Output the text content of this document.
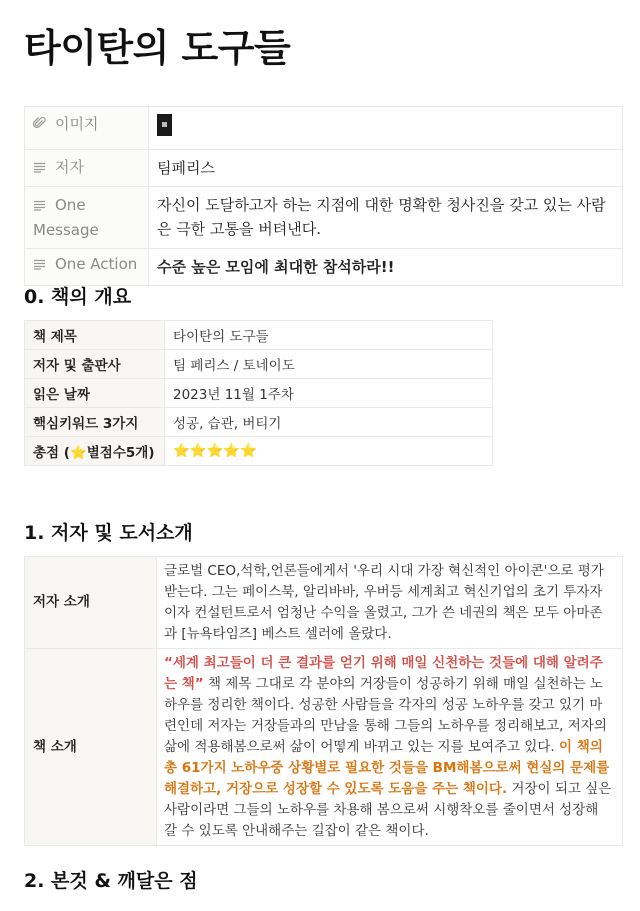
타이탄의 도구들
이미지	
저자	팀페리스
One Message	자신이 도달하고자 하는 지점에 대한 명확한 청사진을 갖고 있는 사람은 극한 고통을 버텨낸다.
One Action	수준 높은 모임에 최대한 참석하라!!
0. 책의 개요
책 제목	타이탄의 도구들
저자 및 출판사	팀 페리스 / 토네이도
읽은 날짜	2023년 11월 1주차
핵심키워드 3가지	성공, 습관, 버티기
총점 (⭐별점수5개)	⭐⭐⭐⭐⭐
1. 저자 및 도서소개
저자 소개	글로벌 CEO,석학,언론들에게서 '우리 시대 가장 혁신적인 아이콘'으로 평가 받는다. 그는 페이스북, 알리바바, 우버등 세계최고 혁신기업의 초기 투자자이자 컨설턴트로서 엄청난 수익을 올렸고, 그가 쓴 네권의 책은 모두 아마존과 [뉴욕타임즈] 베스트 셀러에 올랐다.
책 소개	“세계 최고들이 더 큰 결과를 얻기 위해 매일 신천하는 것들에 대해 알려주는 책” 책 제목 그대로 각 분야의 거장들이 성공하기 위해 매일 실천하는 노하우를 정리한 책이다. 성공한 사람들을 각자의 성공 노하우를 갖고 있기 마련인데 저자는 거장들과의 만남을 통해 그들의 노하우를 정리해보고, 저자의 삶에 적용해봄으로써 삶이 어떻게 바뀌고 있는 지를 보여주고 있다. 이 책의 총 61가지 노하우중 상황별로 필요한 것들을 BM해봄으로써 현실의 문제를 해결하고, 거장으로 성장할 수 있도록 도움을 주는 책이다. 거장이 되고 싶은 사람이라면 그들의 노하우를 차용해 봄으로써 시행착오를 줄이면서 성장해 갈 수 있도록 안내해주는 길잡이 같은 책이다.
2. 본것 & 깨달은 점
